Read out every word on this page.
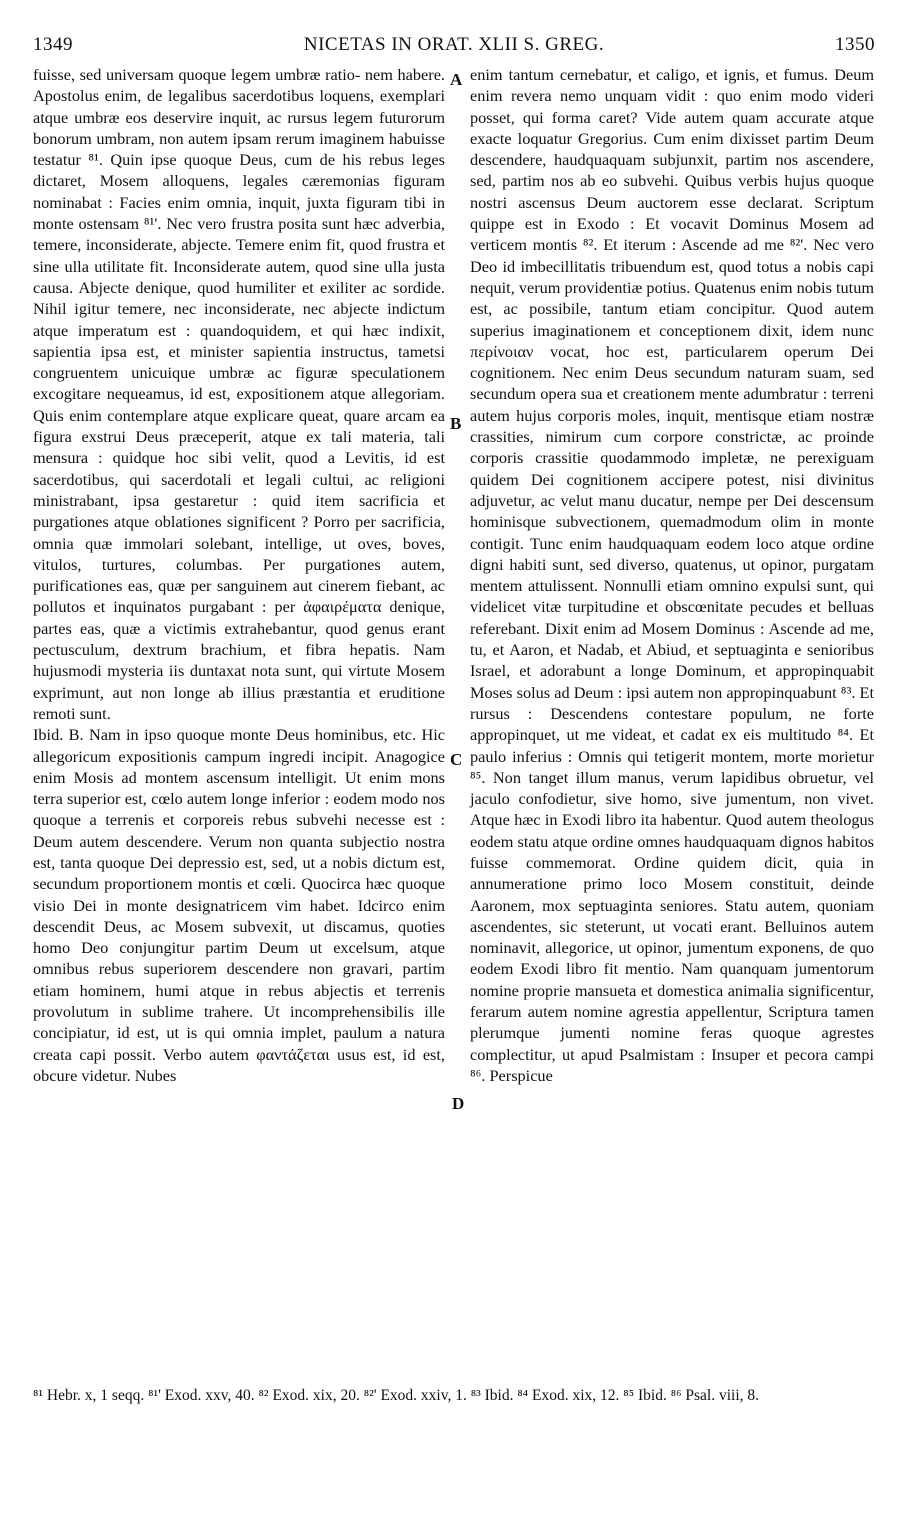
1349	NICETAS IN ORAT. XLII S. GREG.	1350

fuisse, sed universam quoque legem umbræ ratio- nem habere. Apostolus enim, de legalibus sacerdotibus loquens, exemplari atque umbræ eos deservire inquit, ac rursus legem futurorum bonorum umbram, non autem ipsam rerum imaginem habuisse testatur ⁸¹. Quin ipse quoque Deus, cum de his rebus leges dictaret, Mosem alloquens, legales cæremonias figuram nominabat : Facies enim omnia, inquit, juxta figuram tibi in monte ostensam ⁸¹'. Nec vero frustra posita sunt hæc adverbia, temere, inconsiderate, abjecte. Temere enim fit, quod frustra et sine ulla utilitate fit. Inconsiderate autem, quod sine ulla justa causa. Abjecte denique, quod humiliter et exiliter ac sordide. Nihil igitur temere, nec inconsiderate, nec abjecte indictum atque imperatum est : quandoquidem, et qui hæc indixit, sapientia ipsa est, et minister sapientia instructus, tametsi congruentem unicuique umbræ ac figuræ speculationem excogitare nequeamus, id est, expositionem atque allegoriam. Quis enim contemplare atque explicare queat, quare arcam ea figura exstrui Deus præceperit, atque ex tali materia, tali mensura : quidque hoc sibi velit, quod a Levitis, id est sacerdotibus, qui sacerdotali et legali cultui, ac religioni ministrabant, ipsa gestaretur : quid item sacrificia et purgationes atque oblationes significent ? Porro per sacrificia, omnia quæ immolari solebant, intellige, ut oves, boves, vitulos, turtures, columbas. Per purgationes autem, purificationes eas, quæ per sanguinem aut cinerem fiebant, ac pollutos et inquinatos purgabant : per ἀφαιρέματα denique, partes eas, quæ a victimis extrahebantur, quod genus erant pectusculum, dextrum brachium, et fibra hepatis. Nam hujusmodi mysteria iis duntaxat nota sunt, qui virtute Mosem exprimunt, aut non longe ab illius præstantia et eruditione remoti sunt.

Ibid. B. Nam in ipso quoque monte Deus hominibus, etc. Hic allegoricum expositionis campum ingredi incipit. Anagogice enim Mosis ad montem ascensum intelligit. Ut enim mons terra superior est, cœlo autem longe inferior : eodem modo nos quoque a terrenis et corporeis rebus subvehi necesse est : Deum autem descendere. Verum non quanta subjectio nostra est, tanta quoque Dei depressio est, sed, ut a nobis dictum est, secundum proportionem montis et cœli. Quocirca hæc quoque visio Dei in monte designatricem vim habet. Idcirco enim descendit Deus, ac Mosem subvexit, ut discamus, quoties homo Deo conjungitur partim Deum ut excelsum, atque omnibus rebus superiorem descendere non gravari, partim etiam hominem, humi atque in rebus abjectis et terrenis provolutum in sublime trahere. Ut incomprehensibilis ille concipiatur, id est, ut is qui omnia implet, paulum a natura creata capi possit. Verbo autem φαντάζεται usus est, id est, obcure videtur. Nubes

enim tantum cernebatur, et caligo, et ignis, et fumus. Deum enim revera nemo unquam vidit : quo enim modo videri posset, qui forma caret? Vide autem quam accurate atque exacte loquatur Gregorius. Cum enim dixisset partim Deum descendere, haudquaquam subjunxit, partim nos ascendere, sed, partim nos ab eo subvehi. Quibus verbis hujus quoque nostri ascensus Deum auctorem esse declarat. Scriptum quippe est in Exodo : Et vocavit Dominus Mosem ad verticem montis ⁸². Et iterum : Ascende ad me ⁸²'. Nec vero Deo id imbecillitatis tribuendum est, quod totus a nobis capi nequit, verum providentiæ potius. Quatenus enim nobis tutum est, ac possibile, tantum etiam concipitur. Quod autem superius imaginationem et conceptionem dixit, idem nunc περίνοιαν vocat, hoc est, particularem operum Dei cognitionem. Nec enim Deus secundum naturam suam, sed secundum opera sua et creationem mente adumbratur : terreni autem hujus corporis moles, inquit, mentisque etiam nostræ crassities, nimirum cum corpore constrictæ, ac proinde corporis crassitie quodammodo impletæ, ne perexiguam quidem Dei cognitionem accipere potest, nisi divinitus adjuvetur, ac velut manu ducatur, nempe per Dei descensum hominisque subvectionem, quemadmodum olim in monte contigit. Tunc enim haudquaquam eodem loco atque ordine digni habiti sunt, sed diverso, quatenus, ut opinor, purgatam mentem attulissent. Nonnulli etiam omnino expulsi sunt, qui videlicet vitæ turpitudine et obscœnitate pecudes et belluas referebant. Dixit enim ad Mosem Dominus : Ascende ad me, tu, et Aaron, et Nadab, et Abiud, et septuaginta e senioribus Israel, et adorabunt a longe Dominum, et appropinquabit Moses solus ad Deum : ipsi autem non appropinquabunt ⁸³. Et rursus : Descendens contestare populum, ne forte appropinquet, ut me videat, et cadat ex eis multitudo ⁸⁴. Et paulo inferius : Omnis qui tetigerit montem, morte morietur ⁸⁵. Non tanget illum manus, verum lapidibus obruetur, vel jaculo confodietur, sive homo, sive jumentum, non vivet. Atque hæc in Exodi libro ita habentur. Quod autem theologus eodem statu atque ordine omnes haudquaquam dignos habitos fuisse commemorat. Ordine quidem dicit, quia in annumeratione primo loco Mosem constituit, deinde Aaronem, mox septuaginta seniores. Statu autem, quoniam ascendentes, sic steterunt, ut vocati erant. Belluinos autem nominavit, allegorice, ut opinor, jumentum exponens, de quo eodem Exodi libro fit mentio. Nam quanquam jumentorum nomine proprie mansueta et domestica animalia significentur, ferarum autem nomine agrestia appellentur, Scriptura tamen plerumque jumenti nomine feras quoque agrestes complectitur, ut apud Psalmistam : Insuper et pecora campi ⁸⁶. Perspicue

A
B
C
D

⁸¹ Hebr. x, 1 seqq. ⁸¹' Exod. xxv, 40. ⁸² Exod. xix, 20. ⁸²' Exod. xxiv, 1. ⁸³ Ibid. ⁸⁴ Exod. xix, 12. ⁸⁵ Ibid. ⁸⁶ Psal. viii, 8.
